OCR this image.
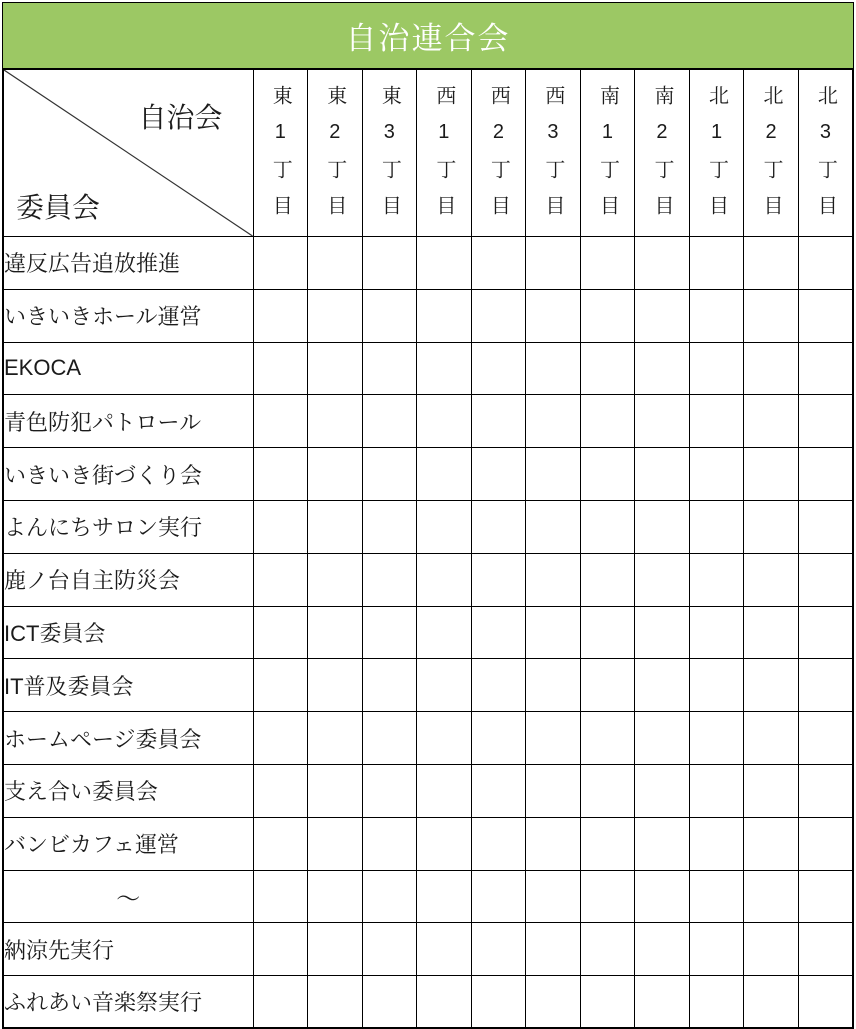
自治連合会
自治会
委員会	東1丁目	東2丁目	東3丁目	西1丁目	西2丁目	西3丁目	南1丁目	南2丁目	北1丁目	北2丁目	北3丁目
違反広告追放推進											
いきいきホール運営											
EKOCA											
青色防犯パトロール											
いきいき街づくり会											
よんにちサロン実行											
鹿ノ台自主防災会											
ICT委員会											
IT普及委員会											
ホームページ委員会											
支え合い委員会											
バンビカフェ運営											
〜											
納涼先実行											
ふれあい音楽祭実行											
